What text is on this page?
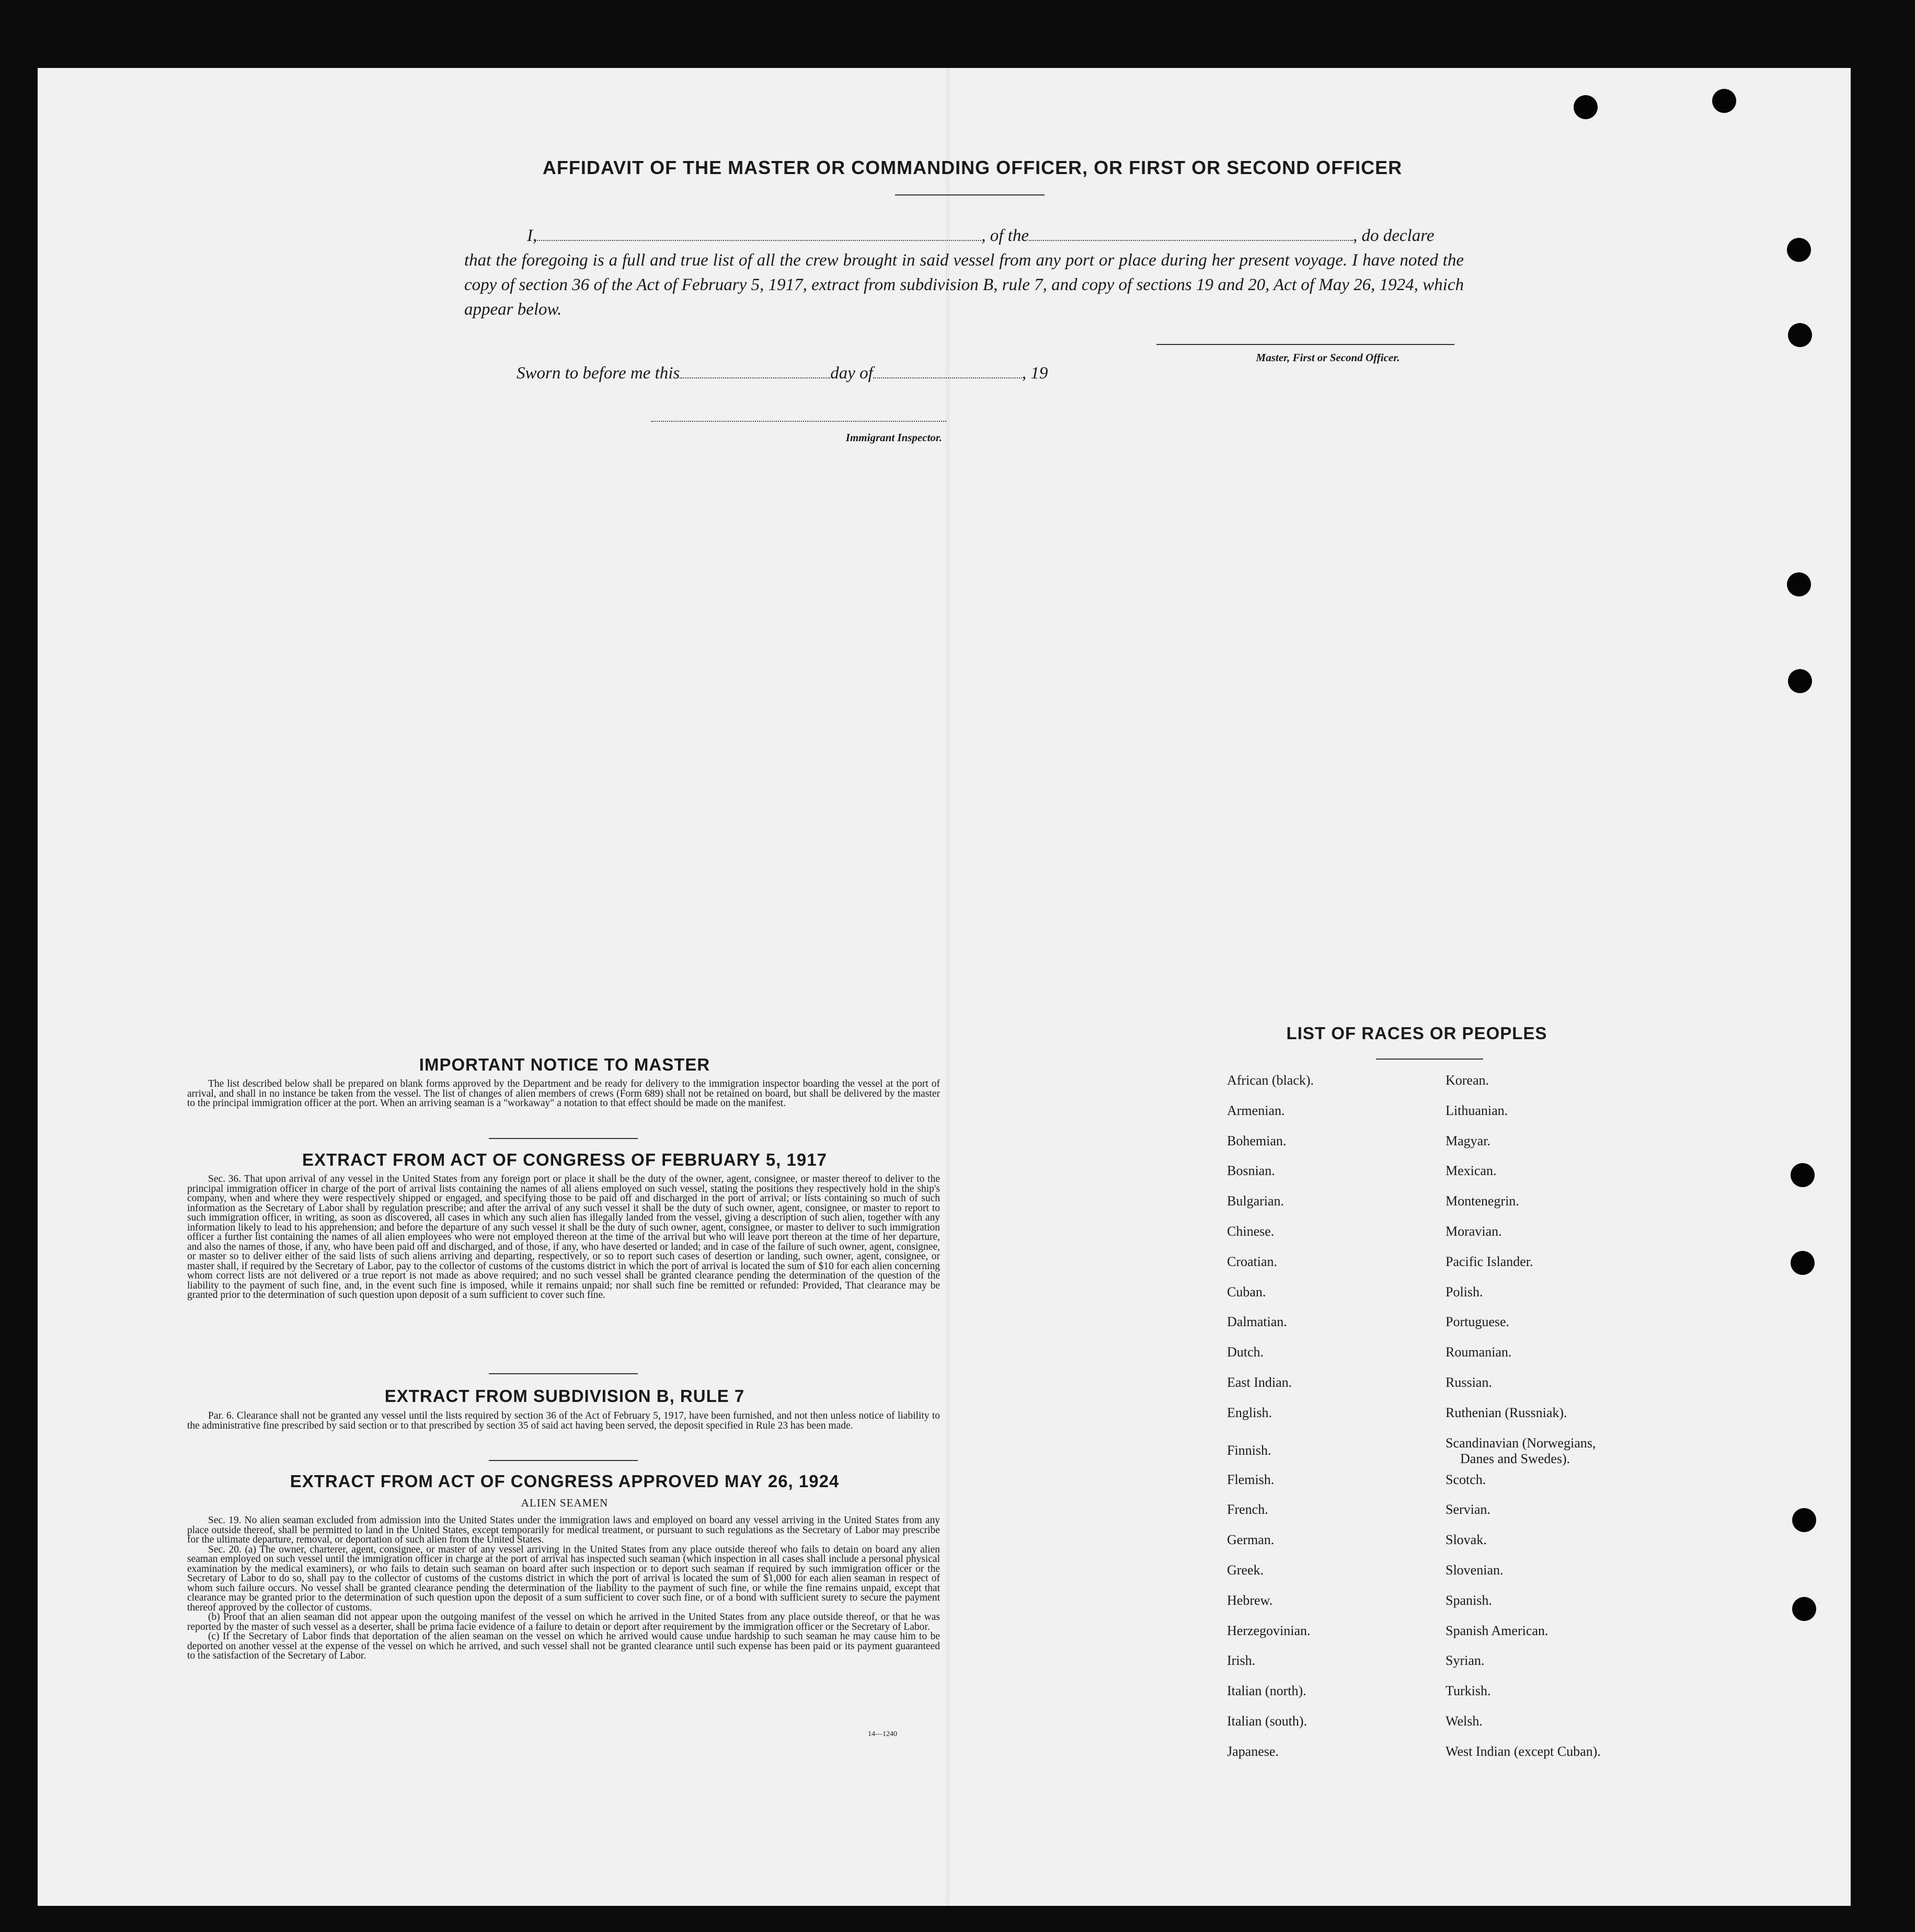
AFFIDAVIT OF THE MASTER OR COMMANDING OFFICER, OR FIRST OR SECOND OFFICER
I,	, of the	, do declare
that the foregoing is a full and true list of all the crew brought in said vessel from any port or place during her present voyage. I have noted the copy of section 36 of the Act of February 5, 1917, extract from subdivision B, rule 7, and copy of sections 19 and 20, Act of May 26, 1924, which appear below.
Master, First or Second Officer.
Sworn to before me this	day of	, 19
Immigrant Inspector.
IMPORTANT NOTICE TO MASTER

The list described below shall be prepared on blank forms approved by the Department and be ready for delivery to the immigration inspector boarding the vessel at the port of arrival, and shall in no instance be taken from the vessel. The list of changes of alien members of crews (Form 689) shall not be retained on board, but shall be delivered by the master to the principal immigration officer at the port. When an arriving seaman is a "workaway" a notation to that effect should be made on the manifest.

EXTRACT FROM ACT OF CONGRESS OF FEBRUARY 5, 1917

Sec. 36. That upon arrival of any vessel in the United States from any foreign port or place it shall be the duty of the owner, agent, consignee, or master thereof to deliver to the principal immigration officer in charge of the port of arrival lists containing the names of all aliens employed on such vessel, stating the positions they respectively hold in the ship's company, when and where they were respectively shipped or engaged, and specifying those to be paid off and discharged in the port of arrival; or lists containing so much of such information as the Secretary of Labor shall by regulation prescribe; and after the arrival of any such vessel it shall be the duty of such owner, agent, consignee, or master to report to such immigration officer, in writing, as soon as discovered, all cases in which any such alien has illegally landed from the vessel, giving a description of such alien, together with any information likely to lead to his apprehension; and before the departure of any such vessel it shall be the duty of such owner, agent, consignee, or master to deliver to such immigration officer a further list containing the names of all alien employees who were not employed thereon at the time of the arrival but who will leave port thereon at the time of her departure, and also the names of those, if any, who have been paid off and discharged, and of those, if any, who have deserted or landed; and in case of the failure of such owner, agent, consignee, or master so to deliver either of the said lists of such aliens arriving and departing, respectively, or so to report such cases of desertion or landing, such owner, agent, consignee, or master shall, if required by the Secretary of Labor, pay to the collector of customs of the customs district in which the port of arrival is located the sum of $10 for each alien concerning whom correct lists are not delivered or a true report is not made as above required; and no such vessel shall be granted clearance pending the determination of the question of the liability to the payment of such fine, and, in the event such fine is imposed, while it remains unpaid; nor shall such fine be remitted or refunded: Provided, That clearance may be granted prior to the determination of such question upon deposit of a sum sufficient to cover such fine.

EXTRACT FROM SUBDIVISION B, RULE 7

Par. 6. Clearance shall not be granted any vessel until the lists required by section 36 of the Act of February 5, 1917, have been furnished, and not then unless notice of liability to the administrative fine prescribed by said section or to that prescribed by section 35 of said act having been served, the deposit specified in Rule 23 has been made.

EXTRACT FROM ACT OF CONGRESS APPROVED MAY 26, 1924
ALIEN SEAMEN

Sec. 19. No alien seaman excluded from admission into the United States under the immigration laws and employed on board any vessel arriving in the United States from any place outside thereof, shall be permitted to land in the United States, except temporarily for medical treatment, or pursuant to such regulations as the Secretary of Labor may prescribe for the ultimate departure, removal, or deportation of such alien from the United States.

Sec. 20. (a) The owner, charterer, agent, consignee, or master of any vessel arriving in the United States from any place outside thereof who fails to detain on board any alien seaman employed on such vessel until the immigration officer in charge at the port of arrival has inspected such seaman (which inspection in all cases shall include a personal physical examination by the medical examiners), or who fails to detain such seaman on board after such inspection or to deport such seaman if required by such immigration officer or the Secretary of Labor to do so, shall pay to the collector of customs of the customs district in which the port of arrival is located the sum of $1,000 for each alien seaman in respect of whom such failure occurs. No vessel shall be granted clearance pending the determination of the liability to the payment of such fine, or while the fine remains unpaid, except that clearance may be granted prior to the determination of such question upon the deposit of a sum sufficient to cover such fine, or of a bond with sufficient surety to secure the payment thereof approved by the collector of customs.

(b) Proof that an alien seaman did not appear upon the outgoing manifest of the vessel on which he arrived in the United States from any place outside thereof, or that he was reported by the master of such vessel as a deserter, shall be prima facie evidence of a failure to detain or deport after requirement by the immigration officer or the Secretary of Labor.

(c) If the Secretary of Labor finds that deportation of the alien seaman on the vessel on which he arrived would cause undue hardship to such seaman he may cause him to be deported on another vessel at the expense of the vessel on which he arrived, and such vessel shall not be granted clearance until such expense has been paid or its payment guaranteed to the satisfaction of the Secretary of Labor.

14—1240
LIST OF RACES OR PEOPLES
African (black).
Armenian.
Bohemian.
Bosnian.
Bulgarian.
Chinese.
Croatian.
Cuban.
Dalmatian.
Dutch.
East Indian.
English.
Finnish.
Flemish.
French.
German.
Greek.
Hebrew.
Herzegovinian.
Irish.
Italian (north).
Italian (south).
Japanese.
Korean.
Lithuanian.
Magyar.
Mexican.
Montenegrin.
Moravian.
Pacific Islander.
Polish.
Portuguese.
Roumanian.
Russian.
Ruthenian (Russniak).
Scandinavian (Norwegians,
Danes and Swedes).
Scotch.
Servian.
Slovak.
Slovenian.
Spanish.
Spanish American.
Syrian.
Turkish.
Welsh.
West Indian (except Cuban).
